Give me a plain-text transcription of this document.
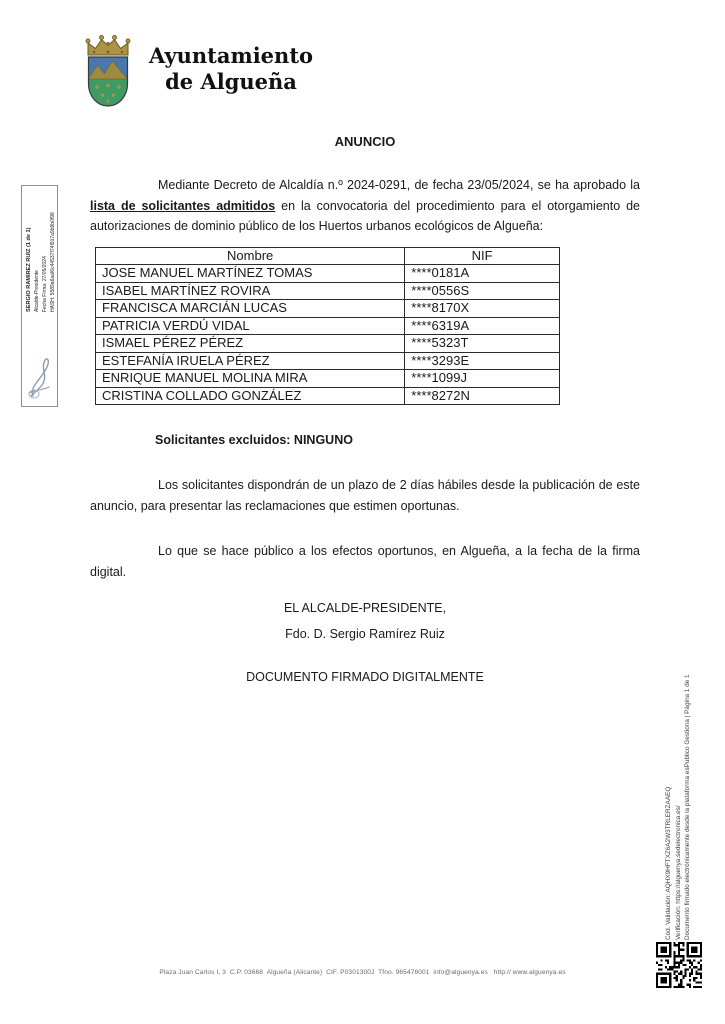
Ayuntamiento
de Algueña
ANUNCIO

Mediante Decreto de Alcaldía n.º 2024-0291, de fecha 23/05/2024, se ha aprobado la lista de solicitantes admitidos en la convocatoria del procedimiento para el otorgamiento de autorizaciones de dominio público de los Huertos urbanos ecológicos de Algueña:

Nombre	NIF
JOSE MANUEL MARTÍNEZ TOMAS	****0181A
ISABEL MARTÍNEZ ROVIRA	****0556S
FRANCISCA MARCIÁN LUCAS	****8170X
PATRICIA VERDÚ VIDAL	****6319A
ISMAEL PÉREZ PÉREZ	****5323T
ESTEFANÍA IRUELA PÉREZ	****3293E
ENRIQUE MANUEL MOLINA MIRA	****1099J
CRISTINA COLLADO GONZÁLEZ	****8272N
Solicitantes excluidos: NINGUNO

Los solicitantes dispondrán de un plazo de 2 días hábiles desde la publicación de este anuncio, para presentar las reclamaciones que estimen oportunas.

Lo que se hace público a los efectos oportunos, en Algueña, a la fecha de la firma digital.

EL ALCALDE-PRESIDENTE,
Fdo. D. Sergio Ramírez Ruiz
DOCUMENTO FIRMADO DIGITALMENTE
SERGIO RAMIREZ RUIZ (1 de 1) Alcalde-Presidente Fecha Firma: 27/05/2024 HASH: 5589a6aaf6c44537f74f917a9b9b0f98
Cód. Validación: AQHX9HFTXZ6A2W3TRLERZAAEQ Verificación: https://alguenya.sedelectronica.es/ Documento firmado electrónicamente desde la plataforma esPublico Gestiona | Página 1 de 1
Plaza Juan Carlos I, 3  C.P. 03668  Algueña (Alicante)  CIF. P0301300J  Tfno. 965476001  info@alguenya.es   http:// www.alguenya.es
